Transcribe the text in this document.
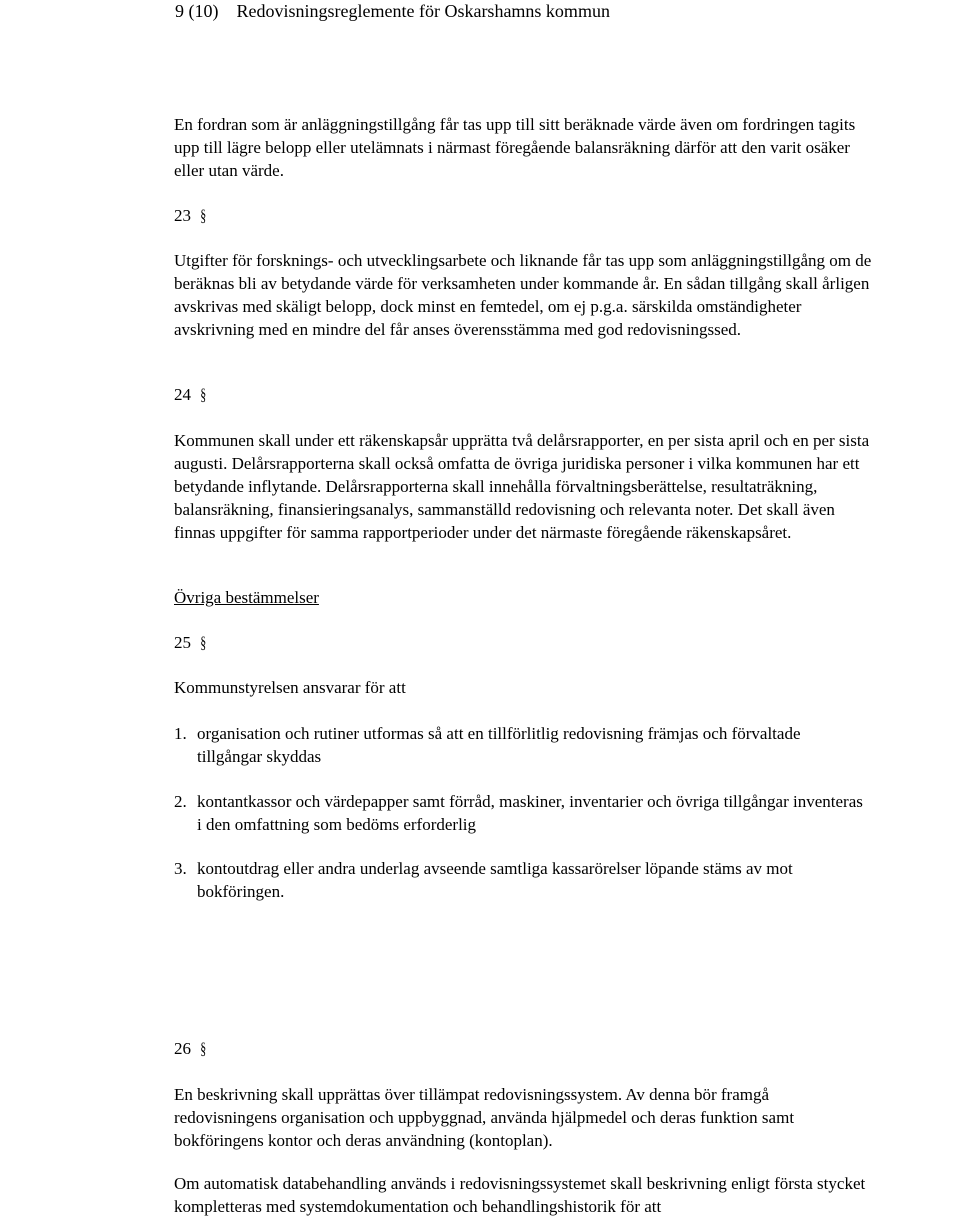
9 (10) Redovisningsreglemente för Oskarshamns kommun

En fordran som är anläggningstillgång får tas upp till sitt beräknade värde även om fordringen tagits upp till lägre belopp eller utelämnats i närmast föregående balansräkning därför att den varit osäker eller utan värde.

23 §

Utgifter för forsknings- och utvecklingsarbete och liknande får tas upp som anläggningstillgång om de beräknas bli av betydande värde för verksamheten under kommande år. En sådan tillgång skall årligen avskrivas med skäligt belopp, dock minst en femtedel, om ej p.g.a. särskilda omständigheter avskrivning med en mindre del får anses överensstämma med god redovisningssed.

24 §

Kommunen skall under ett räkenskapsår upprätta två delårsrapporter, en per sista april och en per sista augusti. Delårsrapporterna skall också omfatta de övriga juridiska personer i vilka kommunen har ett betydande inflytande. Delårsrapporterna skall innehålla förvaltningsberättelse, resultaträkning, balansräkning, finansieringsanalys, sammanställd redovisning och relevanta noter. Det skall även finnas uppgifter för samma rapportperioder under det närmaste föregående räkenskapsåret.

Övriga bestämmelser
25 §
Kommunstyrelsen ansvarar för att
1. organisation och rutiner utformas så att en tillförlitlig redovisning främjas och förvaltade tillgångar skyddas
2. kontantkassor och värdepapper samt förråd, maskiner, inventarier och övriga tillgångar inventeras i den omfattning som bedöms erforderlig
3. kontoutdrag eller andra underlag avseende samtliga kassarörelser löpande stäms av mot bokföringen.
26 §

En beskrivning skall upprättas över tillämpat redovisningssystem. Av denna bör framgå redovisningens organisation och uppbyggnad, använda hjälpmedel och deras funktion samt bokföringens kontor och deras användning (kontoplan).

Om automatisk databehandling används i redovisningssystemet skall beskrivning enligt första stycket kompletteras med systemdokumentation och behandlingshistorik för att
